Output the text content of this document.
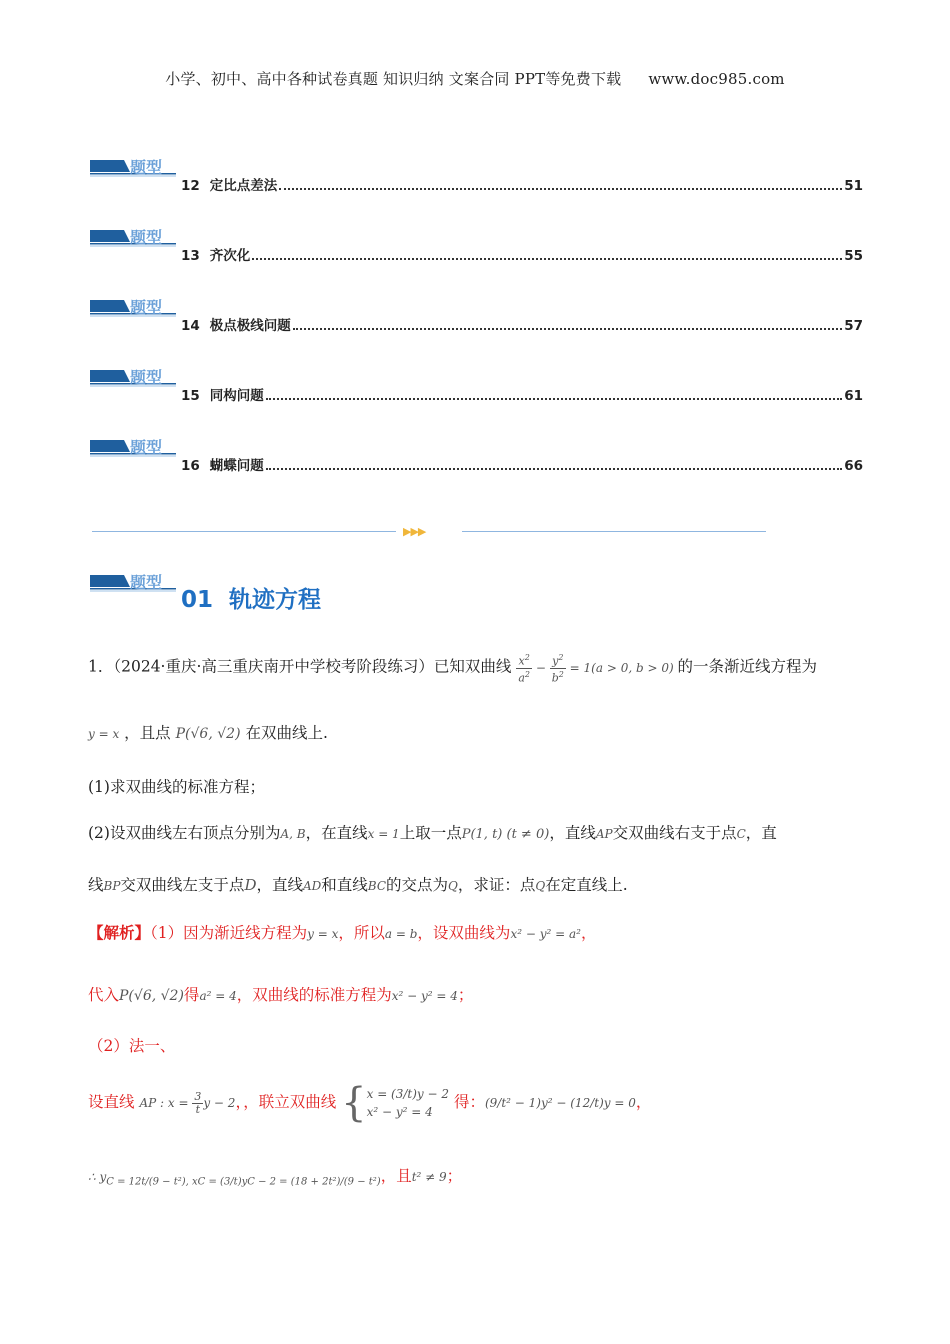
小学、初中、高中各种试卷真题 知识归纳 文案合同 PPT等免费下载 www.doc985.com
题型
12 定比点差法	51
题型
13 齐次化	55
题型
14 极点极线问题	57
题型
15 同构问题	61
题型
16 蝴蝶问题	66
▶▶▶
题型
01 轨迹方程
1．（2024·重庆·高三重庆南开中学校考阶段练习）已知双曲线 $\frac{x^2}{a^2} - \frac{y^2}{b^2} = 1(a > 0$, b > 0) 的一条渐近线方程为
y = x ，且点 P(√6, √2) 在双曲线上.
(1)求双曲线的标准方程；
(2)设双曲线左右顶点分别为A, B，在直线x = 1上取一点P(1, t) (t ≠ 0)，直线AP交双曲线右支于点C，直
线BP交双曲线左支于点D，直线AD和直线BC的交点为Q，求证：点Q在定直线上.
【解析】（1）因为渐近线方程为y = x，所以a = b，设双曲线为x² − y² = a²，
代入P(√6, √2)得a² = 4，双曲线的标准方程为x² − y² = 4；
（2）法一、
设直线 AP : $x = \frac{3}{t}$ y − 2，，联立双曲线 { x = (3/t)y − 2
x² − y² = 4
得：(9/t² − 1)y² − (12/t)y = 0，
∴ $y_{C = 12t/(9 - t^2), xC = (3/t)yC - 2 = (18 + 2t^2)/(9 - t^2)}$，且t² ≠ 9；
